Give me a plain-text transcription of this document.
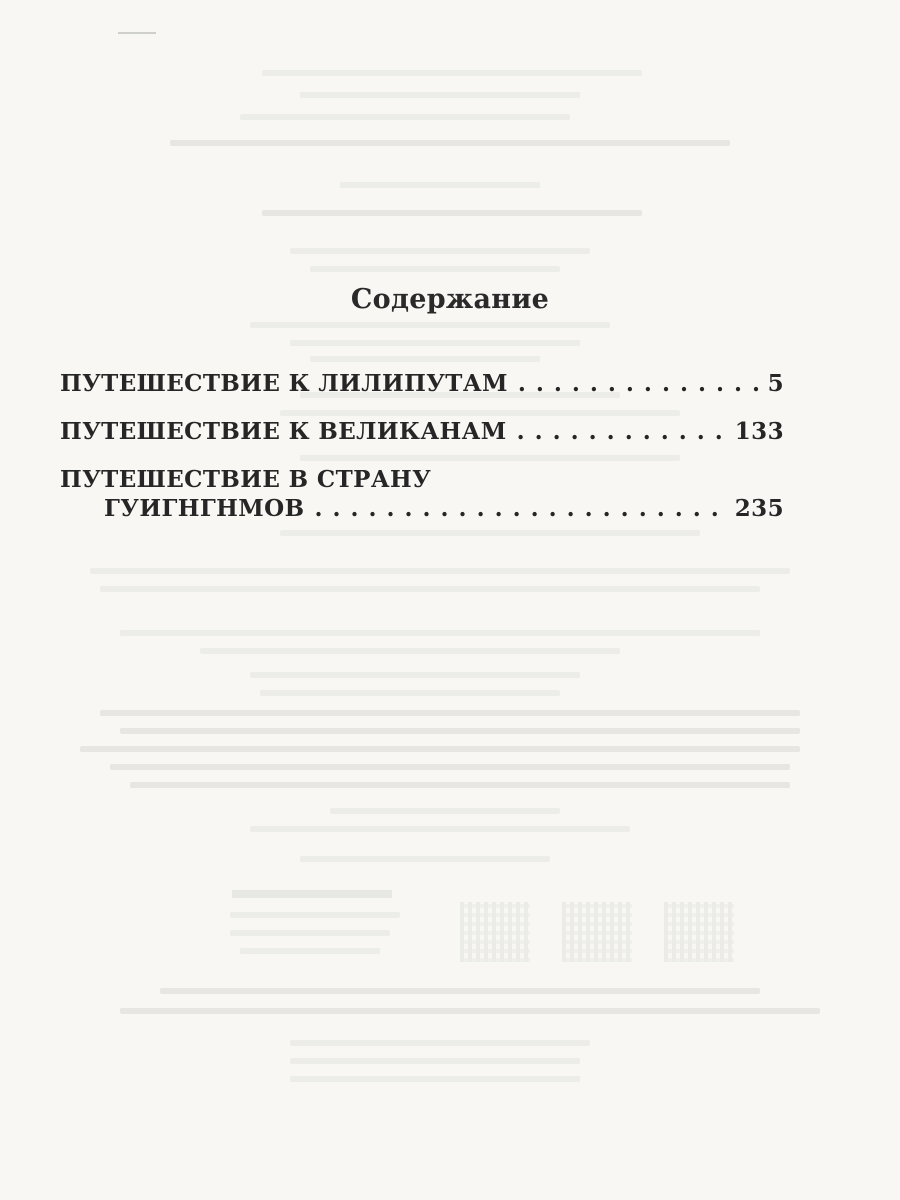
Содержание
ПУТЕШЕСТВИЕ К ЛИЛИПУТАМ . . .	5
ПУТЕШЕСТВИЕ К ВЕЛИКАНАМ . . .	133
ПУТЕШЕСТВИЕ В СТРАНУ
ГУИГНГНМОВ . . .	235
